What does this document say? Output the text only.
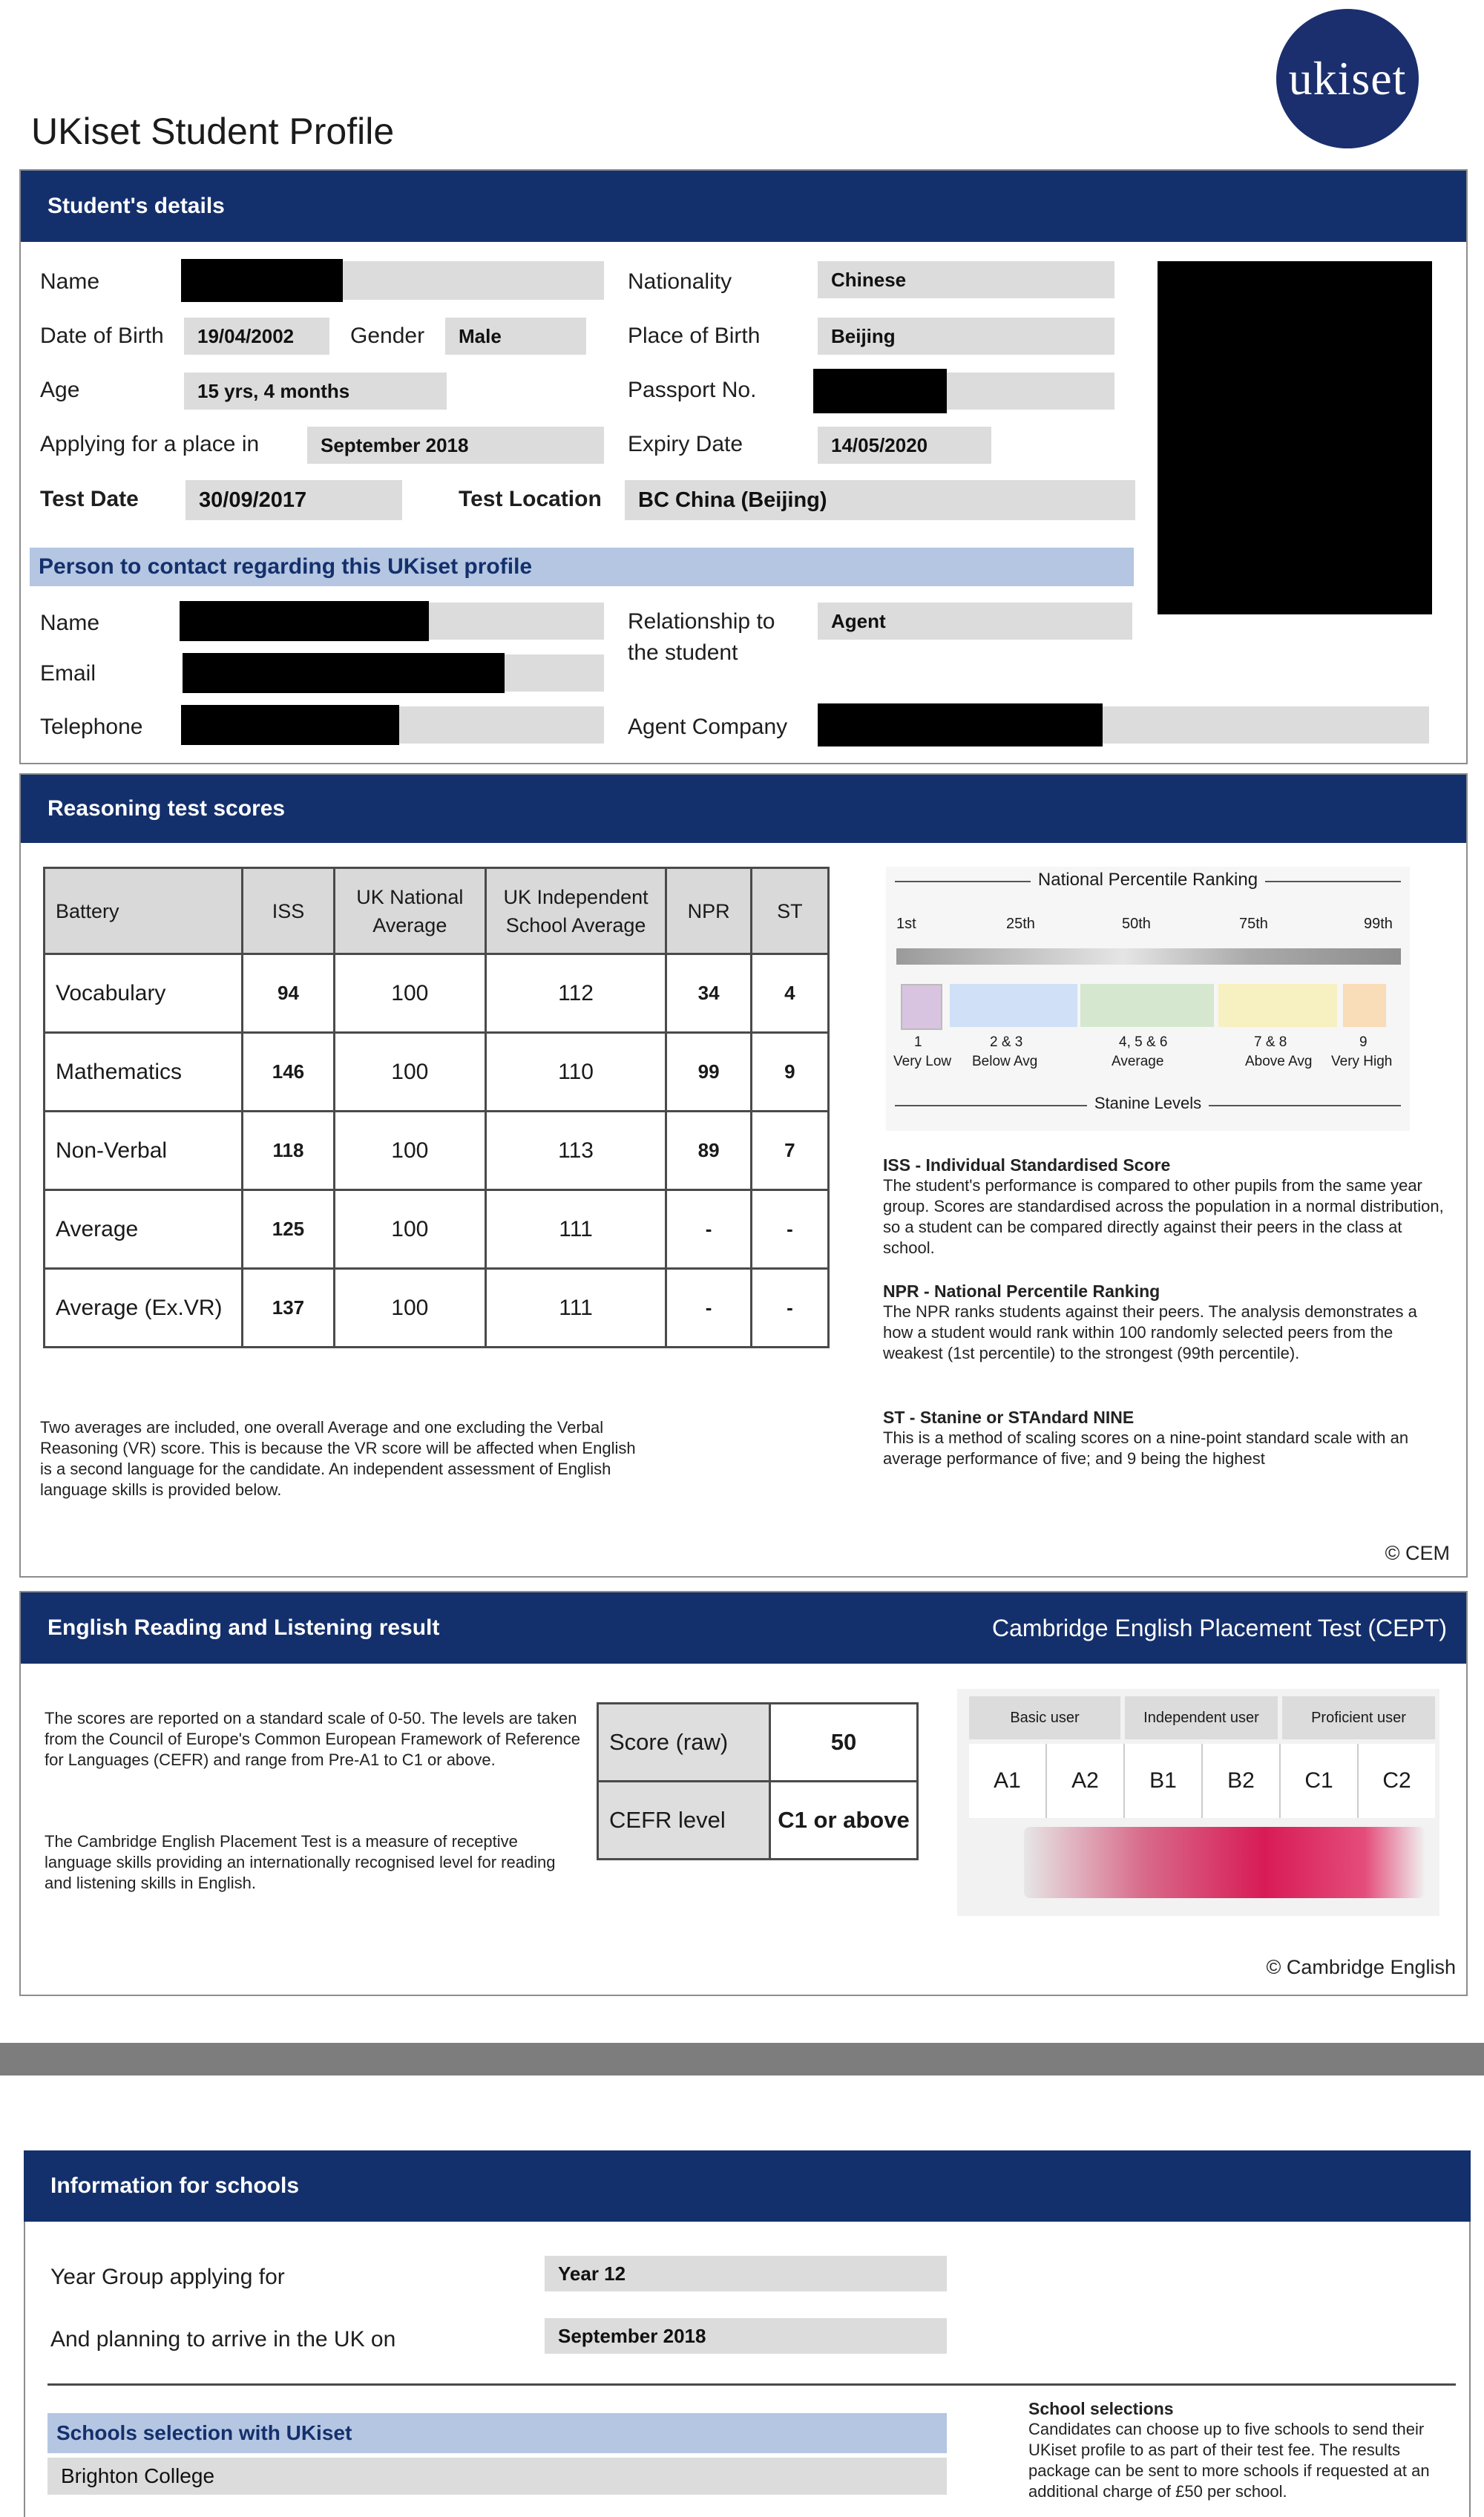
UKiset Student Profile
ukiset
Student's details
Name
Date of Birth	19/04/2002	Gender	Male
Age	15 yrs, 4 months
Applying for a place in	September 2018
Test Date	30/09/2017	Test Location	BC China (Beijing)
Nationality	Chinese
Place of Birth	Beijing
Passport No.
Expiry Date	14/05/2020
Person to contact regarding this UKiset profile
Name
Email
Telephone
Relationship to
the student
Agent
Agent Company
Reasoning test scores
Battery	ISS	UK National Average	UK Independent School Average	NPR	ST
Vocabulary	94	100	112	34	4
Mathematics	146	100	110	99	9
Non-Verbal	118	100	113	89	7
Average	125	100	111	-	-
Average (Ex.VR)	137	100	111	-	-
Two averages are included, one overall Average and one excluding the Verbal Reasoning (VR) score. This is because the VR score will be affected when English is a second language for the candidate. An independent assessment of English language skills is provided below.
National Percentile Ranking
1st	25th	50th	75th	99th
1	2 & 3	4, 5 & 6	7 & 8	9
Very Low Below Avg	Average	Above Avg Very High
Stanine Levels
ISS - Individual Standardised Score

The student's performance is compared to other pupils from the same year group. Scores are standardised across the population in a normal distribution, so a student can be compared directly against their peers in the class at school.

NPR - National Percentile Ranking

The NPR ranks students against their peers. The analysis demonstrates a how a student would rank within 100 randomly selected peers from the weakest (1st percentile) to the strongest (99th percentile).

ST - Stanine or STAndard NINE

This is a method of scaling scores on a nine-point standard scale with an average performance of five; and 9 being the highest

© CEM
English Reading and Listening result	Cambridge English Placement Test (CEPT)
The scores are reported on a standard scale of 0-50. The levels are taken from the Council of Europe's Common European Framework of Reference for Languages (CEFR) and range from Pre-A1 to C1 or above.
The Cambridge English Placement Test is a measure of receptive language skills providing an internationally recognised level for reading and listening skills in English.
Score (raw)	50
CEFR level	C1 or above
Basic user	Independent user	Proficient user
A1	A2	B1	B2	C1	C2
© Cambridge English
Information for schools
Year Group applying for	Year 12
And planning to arrive in the UK on	September 2018
Schools selection with UKiset
Brighton College
School selections

Candidates can choose up to five schools to send their UKiset profile to as part of their test fee. The results package can be sent to more schools if requested at an additional charge of £50 per school.
